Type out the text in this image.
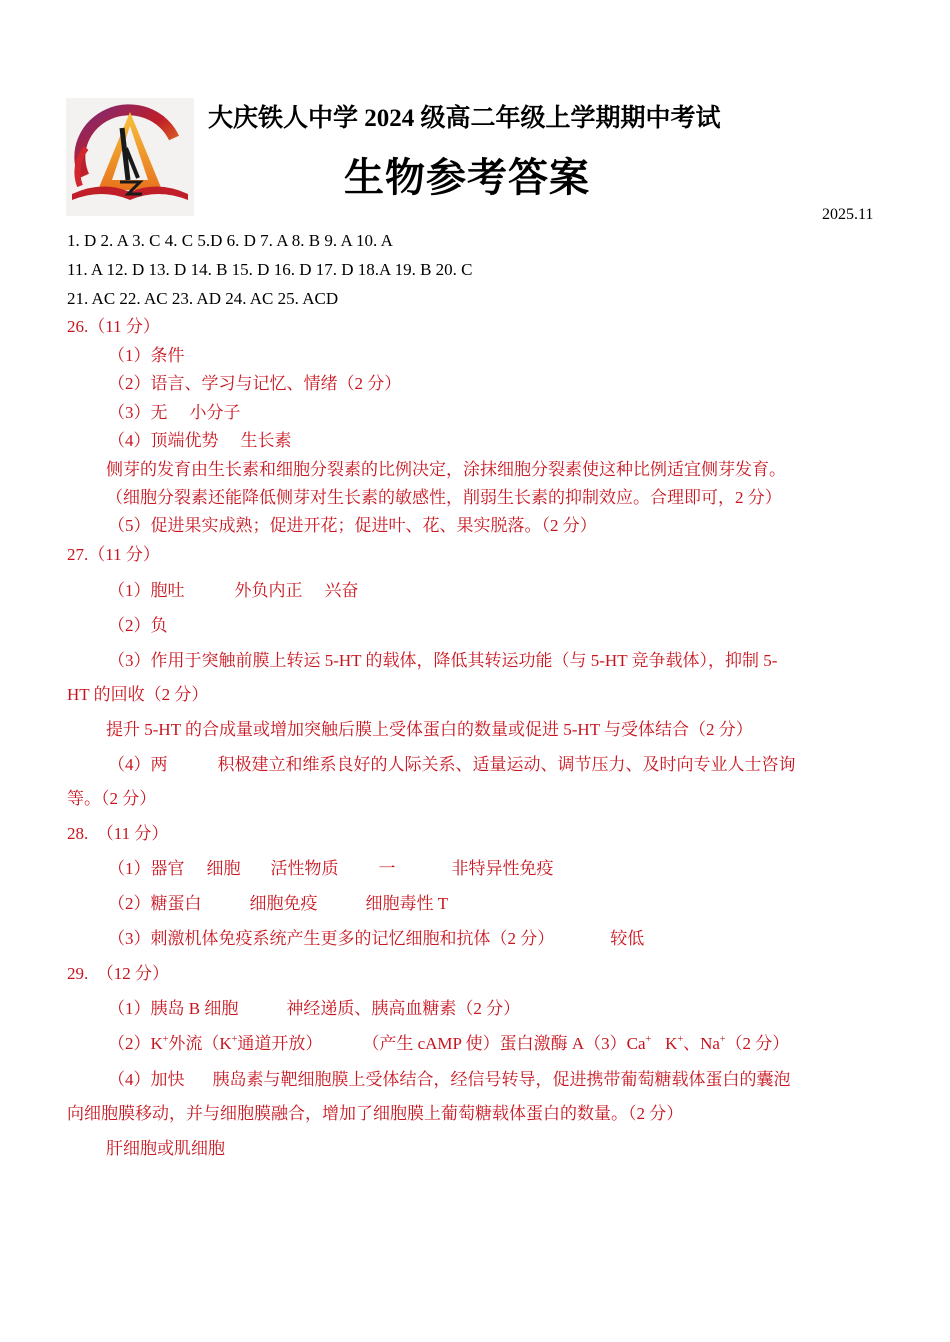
大庆铁人中学 2024 级高二年级上学期期中考试
生物参考答案
2025.11
1. D 2. A 3. C 4. C 5.D 6. D 7. A 8. B 9. A 10. A
11. A 12. D 13. D 14. B 15. D 16. D 17. D 18.A 19. B 20. C
21. AC 22. AC 23. AD 24. AC 25. ACD
26.（11 分）
（1）条件
（2）语言、学习与记忆、情绪（2 分）
（3）无 小分子
（4）顶端优势 生长素
侧芽的发育由生长素和细胞分裂素的比例决定，涂抹细胞分裂素使这种比例适宜侧芽发育。
（细胞分裂素还能降低侧芽对生长素的敏感性，削弱生长素的抑制效应。合理即可，2 分）
（5）促进果实成熟；促进开花；促进叶、花、果实脱落。（2 分）
27.（11 分）
（1）胞吐	外负内正 兴奋
（2）负
（3）作用于突触前膜上转运 5-HT 的载体，降低其转运功能（与 5-HT 竞争载体），抑制 5-
HT 的回收（2 分）
提升 5-HT 的合成量或增加突触后膜上受体蛋白的数量或促进 5-HT 与受体结合（2 分）
（4）两	积极建立和维系良好的人际关系、适量运动、调节压力、及时向专业人士咨询
等。（2 分）
28.　（11 分）
（1）器官 细胞 活性物质 一	非特异性免疫
（2）糖蛋白	细胞免疫	细胞毒性 T
（3）刺激机体免疫系统产生更多的记忆细胞和抗体（2 分）	较低
29.　（12 分）
（1）胰岛 B 细胞	神经递质、胰高血糖素（2 分）
（2）K+外流（K+通道开放） （产生 cAMP 使）蛋白激酶 A（3）Ca+ K+、Na+（2 分）
（4）加快 胰岛素与靶细胞膜上受体结合，经信号转导，促进携带葡萄糖载体蛋白的囊泡
向细胞膜移动，并与细胞膜融合，增加了细胞膜上葡萄糖载体蛋白的数量。（2 分）
肝细胞或肌细胞
